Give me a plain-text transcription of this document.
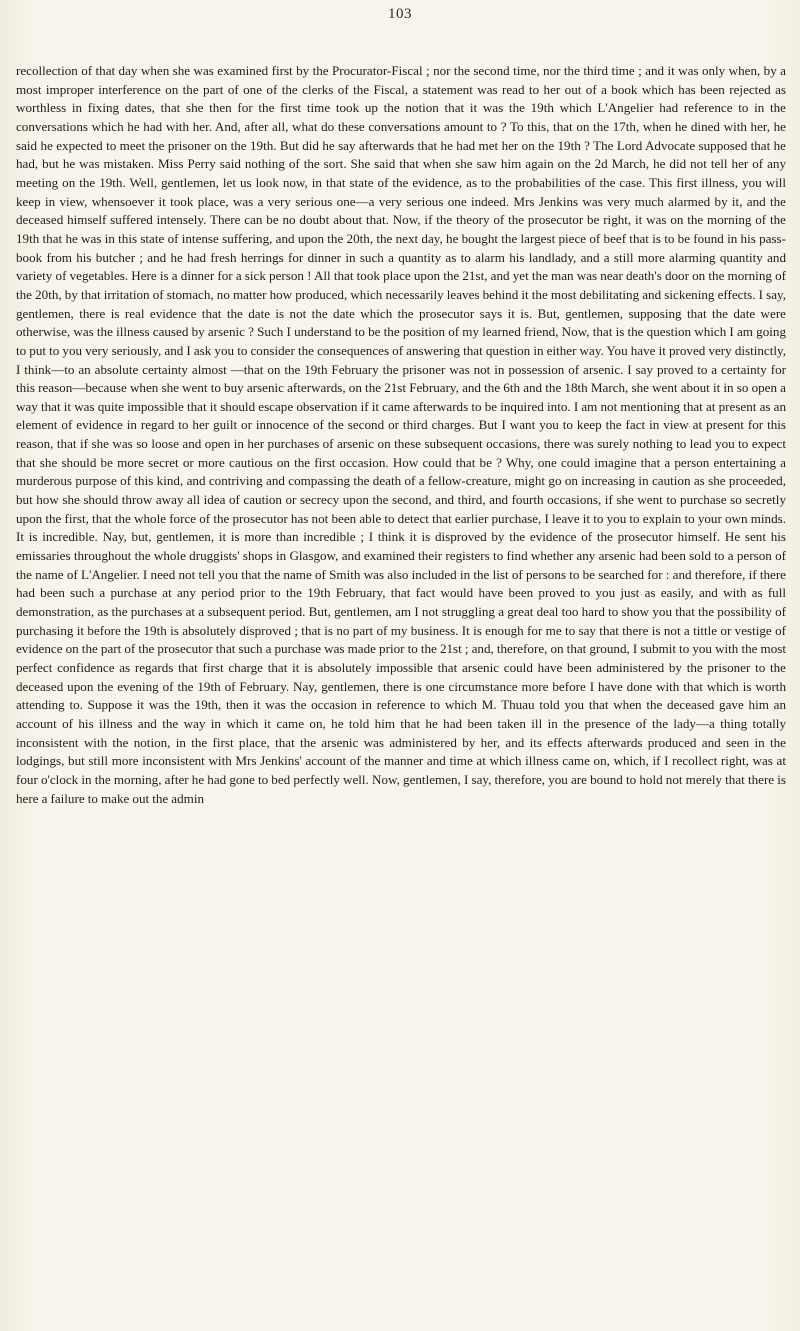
103

recollection of that day when she was examined first by the Procurator-Fiscal ; nor the second time, nor the third time ; and it was only when, by a most improper interference on the part of one of the clerks of the Fiscal, a statement was read to her out of a book which has been rejected as worthless in fixing dates, that she then for the first time took up the notion that it was the 19th which L'Angelier had reference to in the conversations which he had with her. And, after all, what do these conversations amount to ? To this, that on the 17th, when he dined with her, he said he expected to meet the prisoner on the 19th. But did he say afterwards that he had met her on the 19th ? The Lord Advocate supposed that he had, but he was mistaken. Miss Perry said nothing of the sort. She said that when she saw him again on the 2d March, he did not tell her of any meeting on the 19th. Well, gentlemen, let us look now, in that state of the evidence, as to the probabilities of the case. This first illness, you will keep in view, whensoever it took place, was a very serious one—a very serious one indeed. Mrs Jenkins was very much alarmed by it, and the deceased himself suffered intensely. There can be no doubt about that. Now, if the theory of the prosecutor be right, it was on the morning of the 19th that he was in this state of intense suffering, and upon the 20th, the next day, he bought the largest piece of beef that is to be found in his pass-book from his butcher ; and he had fresh herrings for dinner in such a quantity as to alarm his landlady, and a still more alarming quantity and variety of vegetables. Here is a dinner for a sick person ! All that took place upon the 21st, and yet the man was near death's door on the morning of the 20th, by that irritation of stomach, no matter how produced, which necessarily leaves behind it the most debilitating and sickening effects. I say, gentlemen, there is real evidence that the date is not the date which the prosecutor says it is. But, gentlemen, supposing that the date were otherwise, was the illness caused by arsenic ? Such I understand to be the position of my learned friend, Now, that is the question which I am going to put to you very seriously, and I ask you to consider the consequences of answering that question in either way. You have it proved very distinctly, I think—to an absolute certainty almost —that on the 19th February the prisoner was not in possession of arsenic. I say proved to a certainty for this reason—because when she went to buy arsenic afterwards, on the 21st February, and the 6th and the 18th March, she went about it in so open a way that it was quite impossible that it should escape observation if it came afterwards to be inquired into. I am not mentioning that at present as an element of evidence in regard to her guilt or innocence of the second or third charges. But I want you to keep the fact in view at present for this reason, that if she was so loose and open in her purchases of arsenic on these subsequent occasions, there was surely nothing to lead you to expect that she should be more secret or more cautious on the first occasion. How could that be ? Why, one could imagine that a person entertaining a murderous purpose of this kind, and contriving and compassing the death of a fellow-creature, might go on increasing in caution as she proceeded, but how she should throw away all idea of caution or secrecy upon the second, and third, and fourth occasions, if she went to purchase so secretly upon the first, that the whole force of the prosecutor has not been able to detect that earlier purchase, I leave it to you to explain to your own minds. It is incredible. Nay, but, gentlemen, it is more than incredible ; I think it is disproved by the evidence of the prosecutor himself. He sent his emissaries throughout the whole druggists' shops in Glasgow, and examined their registers to find whether any arsenic had been sold to a person of the name of L'Angelier. I need not tell you that the name of Smith was also included in the list of persons to be searched for : and therefore, if there had been such a purchase at any period prior to the 19th February, that fact would have been proved to you just as easily, and with as full demonstration, as the purchases at a subsequent period. But, gentlemen, am I not struggling a great deal too hard to show you that the possibility of purchasing it before the 19th is absolutely disproved ; that is no part of my business. It is enough for me to say that there is not a tittle or vestige of evidence on the part of the prosecutor that such a purchase was made prior to the 21st ; and, therefore, on that ground, I submit to you with the most perfect confidence as regards that first charge that it is absolutely impossible that arsenic could have been administered by the prisoner to the deceased upon the evening of the 19th of February. Nay, gentlemen, there is one circumstance more before I have done with that which is worth attending to. Suppose it was the 19th, then it was the occasion in reference to which M. Thuau told you that when the deceased gave him an account of his illness and the way in which it came on, he told him that he had been taken ill in the presence of the lady—a thing totally inconsistent with the notion, in the first place, that the arsenic was administered by her, and its effects afterwards produced and seen in the lodgings, but still more inconsistent with Mrs Jenkins' account of the manner and time at which illness came on, which, if I recollect right, was at four o'clock in the morning, after he had gone to bed perfectly well. Now, gentlemen, I say, therefore, you are bound to hold not merely that there is here a failure to make out the admin
